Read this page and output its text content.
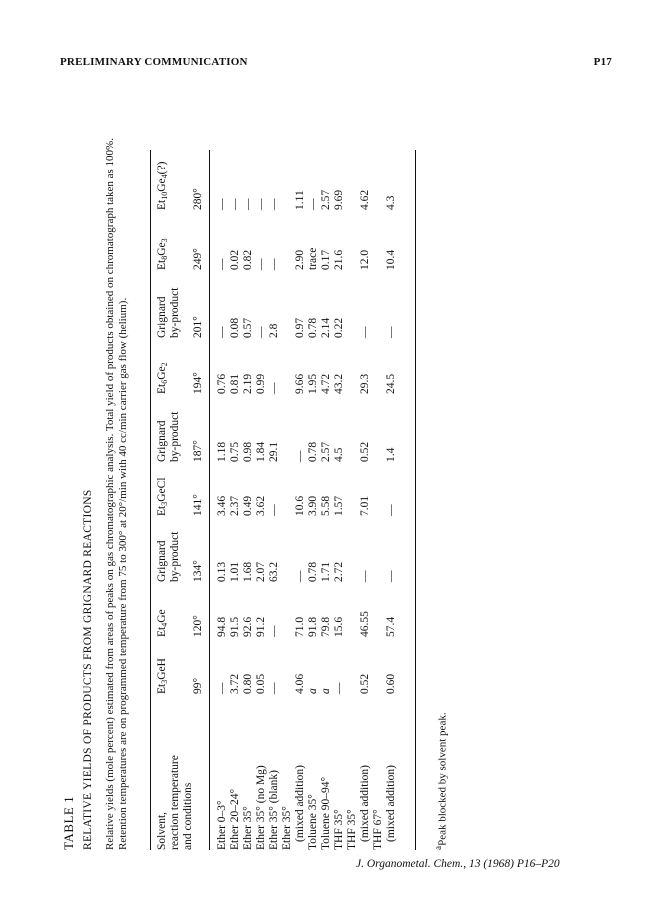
PRELIMINARY COMMUNICATION	P17
TABLE 1 RELATIVE YIELDS OF PRODUCTS FROM GRIGNARD REACTIONS Relative yields (mole percent) estimated from areas of peaks on gas chromatographic analysis. Total yield of products obtained on chromatograph taken as 100%. Retention temperatures are on programmed temperature from 75 to 300° at 20°/min with 40 cc/min carrier gas flow (helium). Solvent, reaction temperature and conditions
$Et_3GeH$
99°
$Et_4Ge$ 120°
Grignard by-product 134°
$Et_3GeCl$
141°
Grignard by-product 187°
$Et_6Ge_2$
194°
Grignard by-product 201°
$Et_8Ge_3$
249°
$Et_{10}Ge_4(?)$
280°
Ether 0–3°
—
94.8
0.13
3.46
1.18
0.76
—
—
—
Ether 20–24°
3.72
91.5
1.01
2.37
0.75
0.81
0.08
0.02
—
Ether 35°
0.80
92.6
1.68
0.49
0.98
2.19
0.57
0.82
—
Ether 35° (no Mg)
0.05
91.2
2.07
3.62
1.84
0.99
—
—
—
Ether 35° (blank)
—
—
63.2
—
29.1
—
2.8
—
—
Ether 35° (mixed addition)
4.06
71.0
—
10.6
—
9.66
0.97
2.90
1.11
Toluene 35°
a
91.8
0.78
3.90
0.78
1.95
0.78
trace
—
Toluene 90–94°
a
79.8
1.71
5.58
2.57
4.72
2.14
0.17
2.57
THF 35°
—
15.6
2.72
1.57
4.5
43.2
0.22
21.6
9.69
THF 35° (mixed addition)
0.52
46.55
—
7.01
0.52
29.3
—
12.0
4.62
THF 67° (mixed addition)
0.60
57.4
—
—
1.4
24.5
—
10.4
4.3
$^a$Peak blocked by solvent peak.
J. Organometal. Chem., 13 (1968) P16–P20
